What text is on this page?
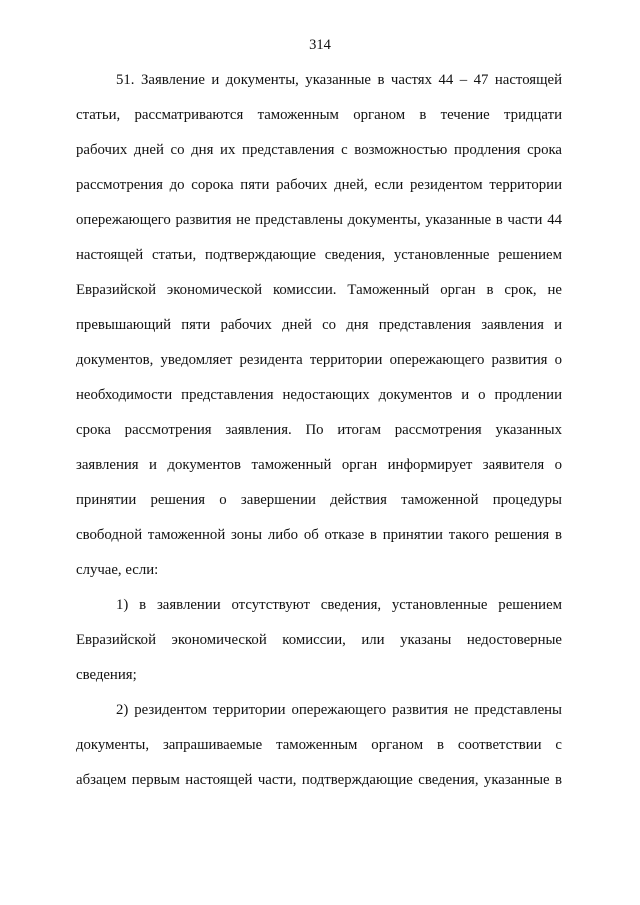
314
51. Заявление и документы, указанные в частях 44 – 47 настоящей
статьи, рассматриваются таможенным органом в течение тридцати
рабочих дней со дня их представления с возможностью продления срока
рассмотрения до сорока пяти рабочих дней, если резидентом территории
опережающего развития не представлены документы, указанные в части 44
настоящей статьи, подтверждающие сведения, установленные решением
Евразийской экономической комиссии. Таможенный орган в срок, не
превышающий пяти рабочих дней со дня представления заявления и
документов, уведомляет резидента территории опережающего развития о
необходимости представления недостающих документов и о продлении
срока рассмотрения заявления. По итогам рассмотрения указанных
заявления и документов таможенный орган информирует заявителя о
принятии решения о завершении действия таможенной процедуры
свободной таможенной зоны либо об отказе в принятии такого решения в
случае, если:
1) в заявлении отсутствуют сведения, установленные решением
Евразийской экономической комиссии, или указаны недостоверные
сведения;
2) резидентом территории опережающего развития не представлены
документы, запрашиваемые таможенным органом в соответствии с
абзацем первым настоящей части, подтверждающие сведения, указанные в
